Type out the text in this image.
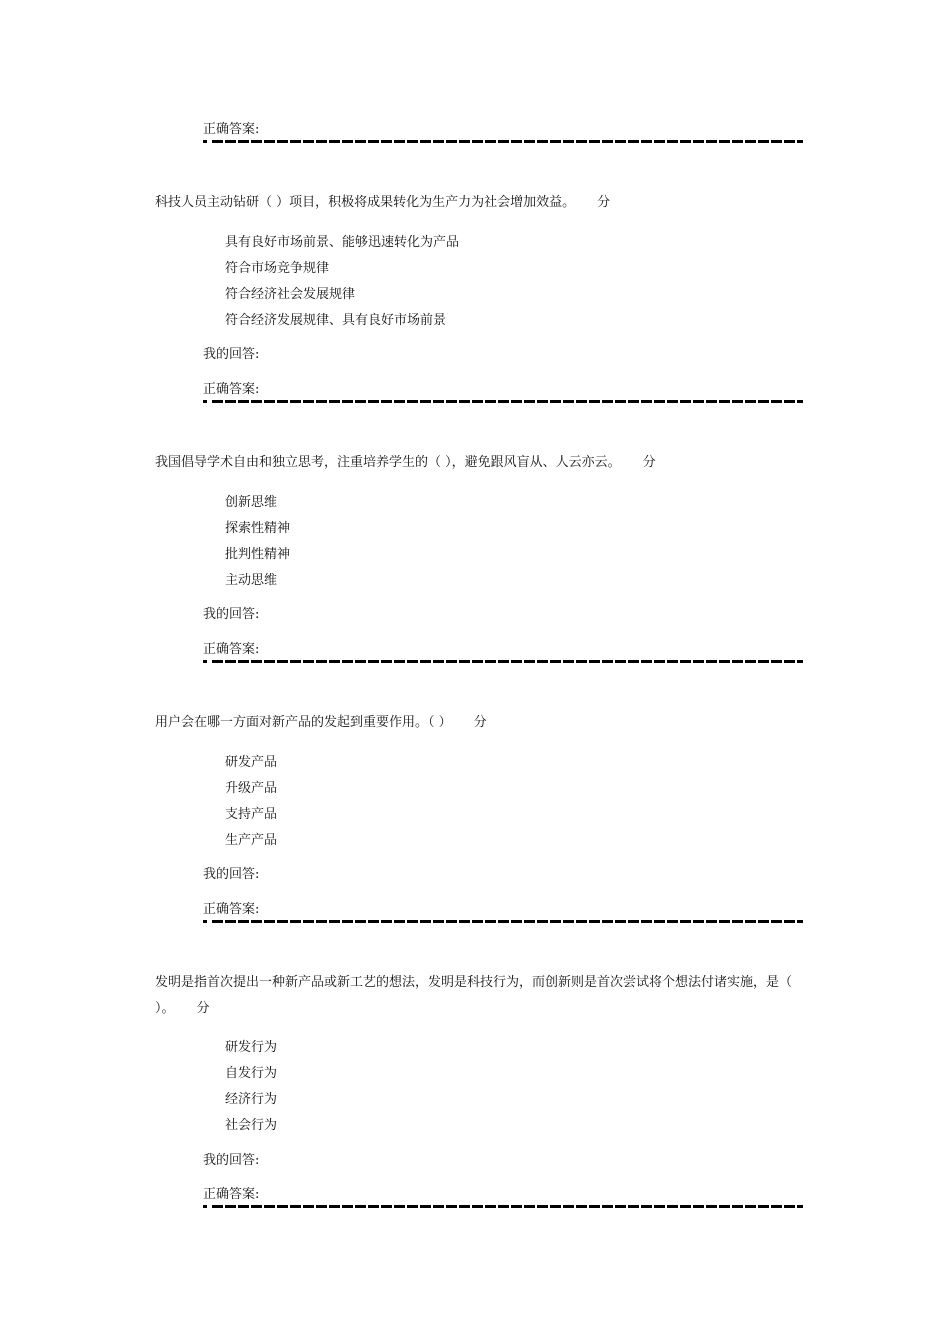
正确答案:
科技人员主动钻研（ ）项目，积极将成果转化为生产力为社会增加效益。 分
具有良好市场前景、能够迅速转化为产品
符合市场竞争规律
符合经济社会发展规律
符合经济发展规律、具有良好市场前景
我的回答:
正确答案:
我国倡导学术自由和独立思考，注重培养学生的（ ），避免跟风盲从、人云亦云。 分
创新思维
探索性精神
批判性精神
主动思维
我的回答:
正确答案:
用户会在哪一方面对新产品的发起到重要作用。（ ） 分
研发产品
升级产品
支持产品
生产产品
我的回答:
正确答案:
发明是指首次提出一种新产品或新工艺的想法，发明是科技行为，而创新则是首次尝试将个想法付诸实施，是（ ）。 分
研发行为
自发行为
经济行为
社会行为
我的回答:
正确答案:
